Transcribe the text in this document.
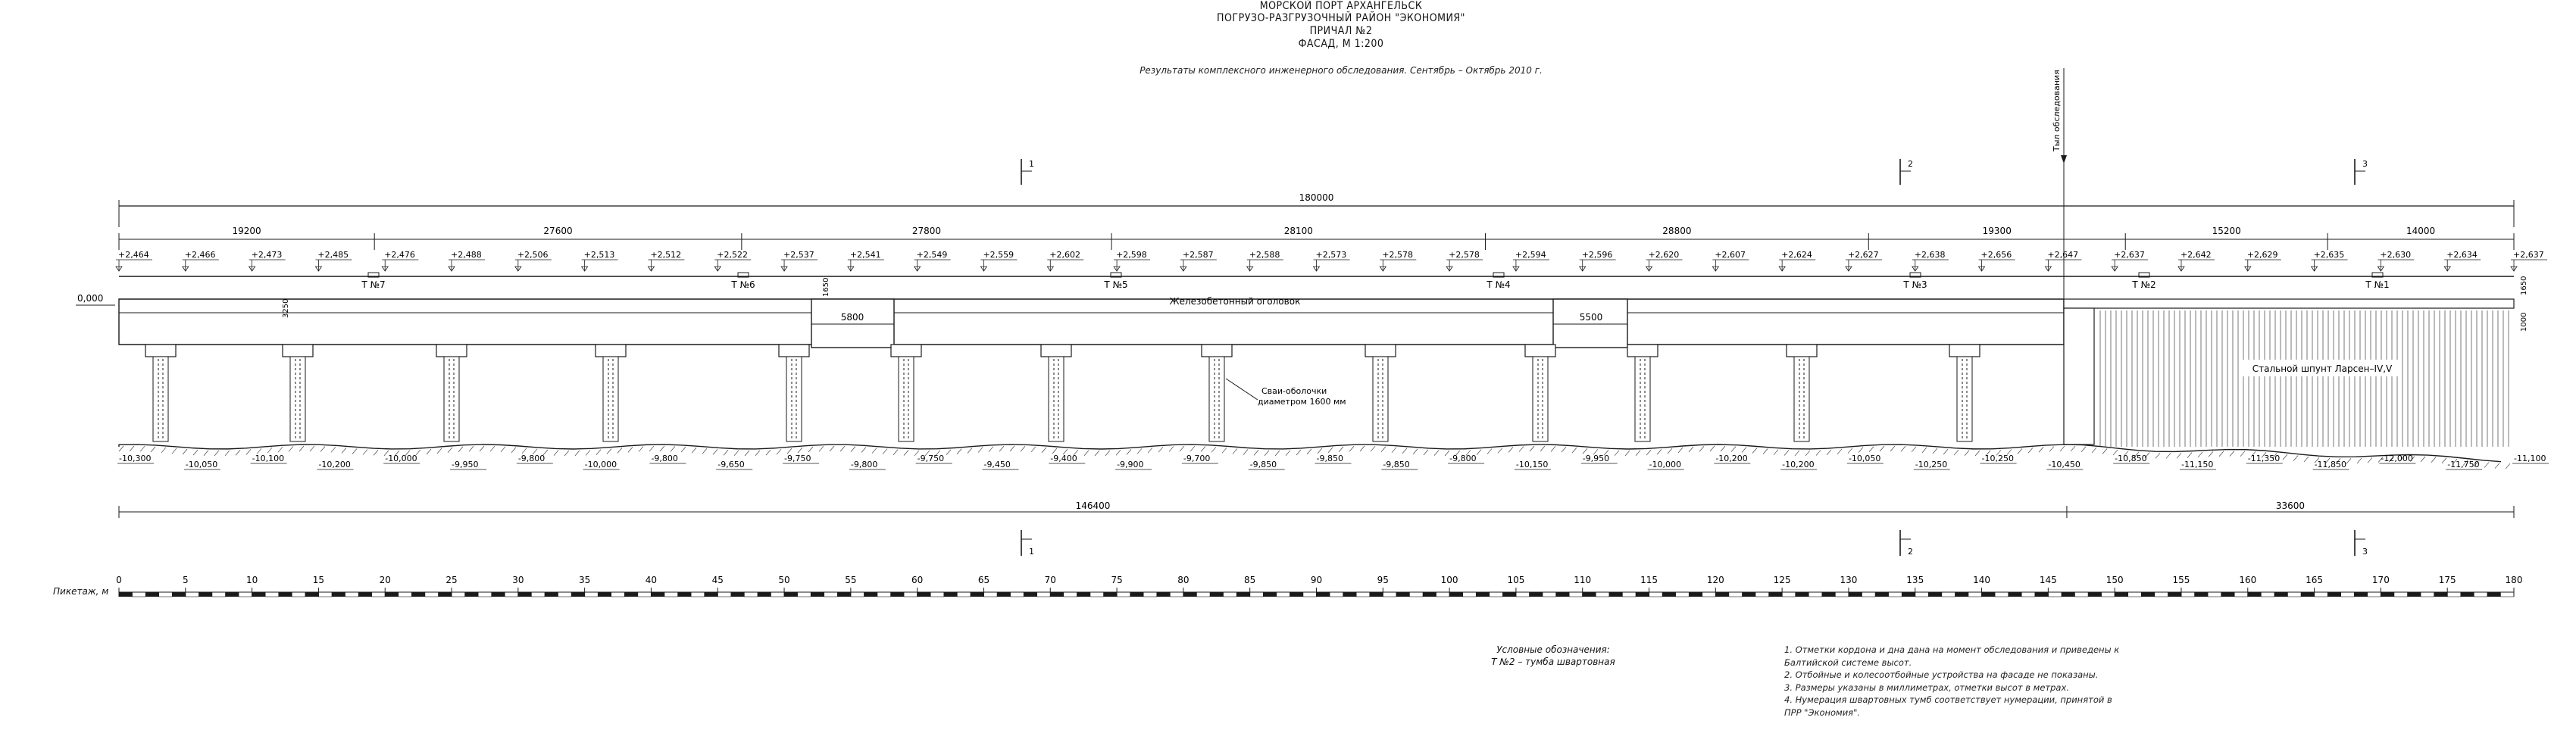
МОРСКОЙ ПОРТ АРХАНГЕЛЬСК
ПОГРУЗО-РАЗГРУЗОЧНЫЙ РАЙОН "ЭКОНОМИЯ"
ПРИЧАЛ №2
ФАСАД, М 1:200
Результаты комплексного инженерного обследования. Сентябрь – Октябрь 2010 г.
180000
19200	27600	27800	28100	28800	19300	15200	14000
Тыл обследования
1
1
2
2
3
3
+2,464	+2,466	+2,473	+2,485	+2,476	+2,488	+2,506	+2,513	+2,512	+2,522	+2,537	+2,541	+2,549	+2,559	+2,602	+2,598	+2,587	+2,588	+2,573	+2,578	+2,578	+2,594	+2,596	+2,620	+2,607	+2,624	+2,627	+2,638	+2,656	+2,647	+2,637	+2,642	+2,629	+2,635	+2,630	+2,634	+2,637
Т №7	Т №6	Т №5	Т №4	Т №3	Т №2	Т №1
0,000
5800	5500
1650
3250	Железобетонный оголовок
Сваи-оболочки
диаметром 1600 мм
Стальной шпунт Ларсен–IV,V
1650
1000
-10,300
-10,050
-10,100
-10,200
-10,000
-9,950
-9,800
-10,000
-9,800
-9,650
-9,750
-9,800
-9,750
-9,450
-9,400
-9,900
-9,700
-9,850
-9,850
-9,850
-9,800
-10,150
-9,950
-10,000
-10,200
-10,200
-10,050
-10,250
-10,250
-10,450
-10,850
-11,150
-11,350
-11,850
-12,000
-11,750
-11,100
146400	33600
0	5	10	15	20	25	30	35	40	45	50	55	60	65	70	75	80	85	90	95	100	105	110	115	120	125	130	135	140	145	150	155	160	165	170	175	180
Пикетаж, м
Условные обозначения:
Т №2 – тумба швартовная
1. Отметки кордона и дна дана на момент обследования и приведены к
Балтийской системе высот.
2. Отбойные и колесоотбойные устройства на фасаде не показаны.
3. Размеры указаны в миллиметрах, отметки высот в метрах.
4. Нумерация швартовных тумб соответствует нумерации, принятой в
ПРР "Экономия".
